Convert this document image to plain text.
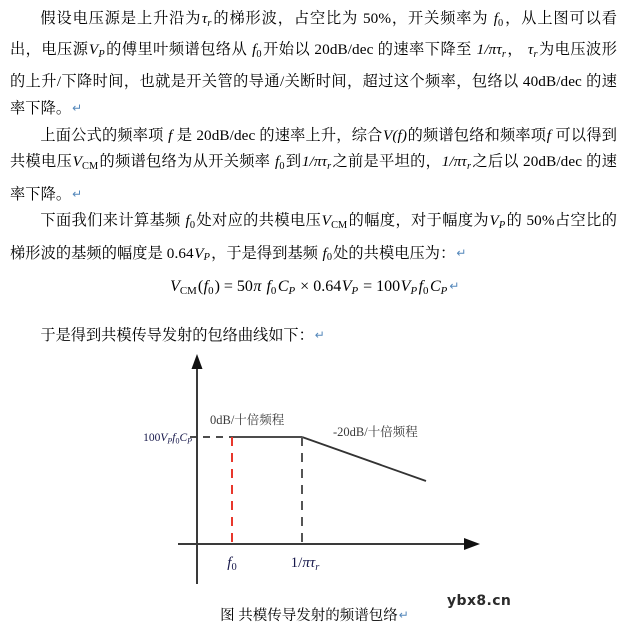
假设电压源是上升沿为$\tau_r$的梯形波，占空比为 50%，开关频率为 f0，从上图可以看出，电压源$V_P$的傅里叶频谱包络从 f0开始以 20dB/dec 的速率下降至 $1/\pi\tau_r$， $\tau_r$为电压波形的上升/下降时间，也就是开关管的导通/关断时间，超过这个频率，包络以 40dB/dec 的速率下降。↵

上面公式的频率项 f 是 20dB/dec 的速率上升，综合V(f)的频谱包络和频率项f 可以得到共模电压VCM的频谱包络为从开关频率 f0到$1/\pi\tau_r$之前是平坦的，$1/\pi\tau_r$之后以 20dB/dec 的速率下降。↵

下面我们来计算基频 f0处对应的共模电压VCM的幅度，对于幅度为$V_P$的 50%占空比的梯形波的基频的幅度是 $0.64V_P$，于是得到基频 f0处的共模电压为：↵

VCM(f0) = 50π $f0C_P \times 0.64V_P = 100V_Pf0C_P$ ↵
于是得到共模传导发射的包络曲线如下：↵
$100V_Pf_0C_P$
0dB/十倍频程
-20dB/十倍频程
$f_0$	$1/\pi\tau_r$
图 共模传导发射的频谱包络↵
ybx8.cn
